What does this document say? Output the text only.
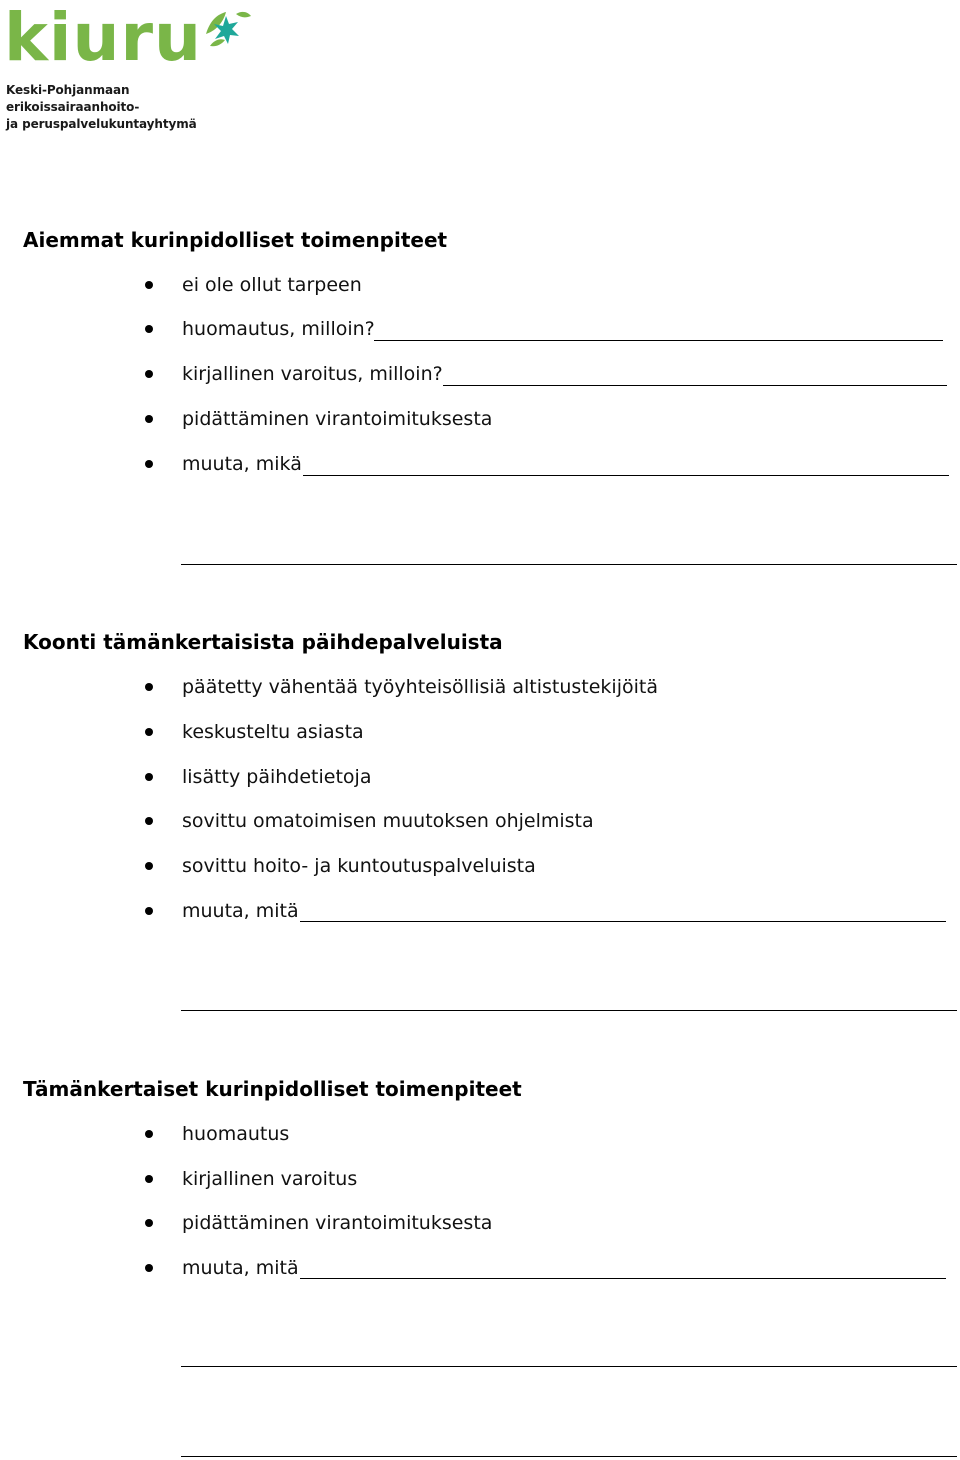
kiuru
Keski-Pohjanmaan erikoissairaanhoito-
ja peruspalvelukuntayhtymä
Aiemmat kurinpidolliset toimenpiteet
ei ole ollut tarpeen
huomautus, milloin?
kirjallinen varoitus, milloin?
pidättäminen virantoimituksesta
muuta, mikä
Koonti tämänkertaisista päihdepalveluista
päätetty vähentää työyhteisöllisiä altistustekijöitä
keskusteltu asiasta
lisätty päihdetietoja
sovittu omatoimisen muutoksen ohjelmista
sovittu hoito- ja kuntoutuspalveluista
muuta, mitä
Tämänkertaiset kurinpidolliset toimenpiteet
huomautus
kirjallinen varoitus
pidättäminen virantoimituksesta
muuta, mitä
